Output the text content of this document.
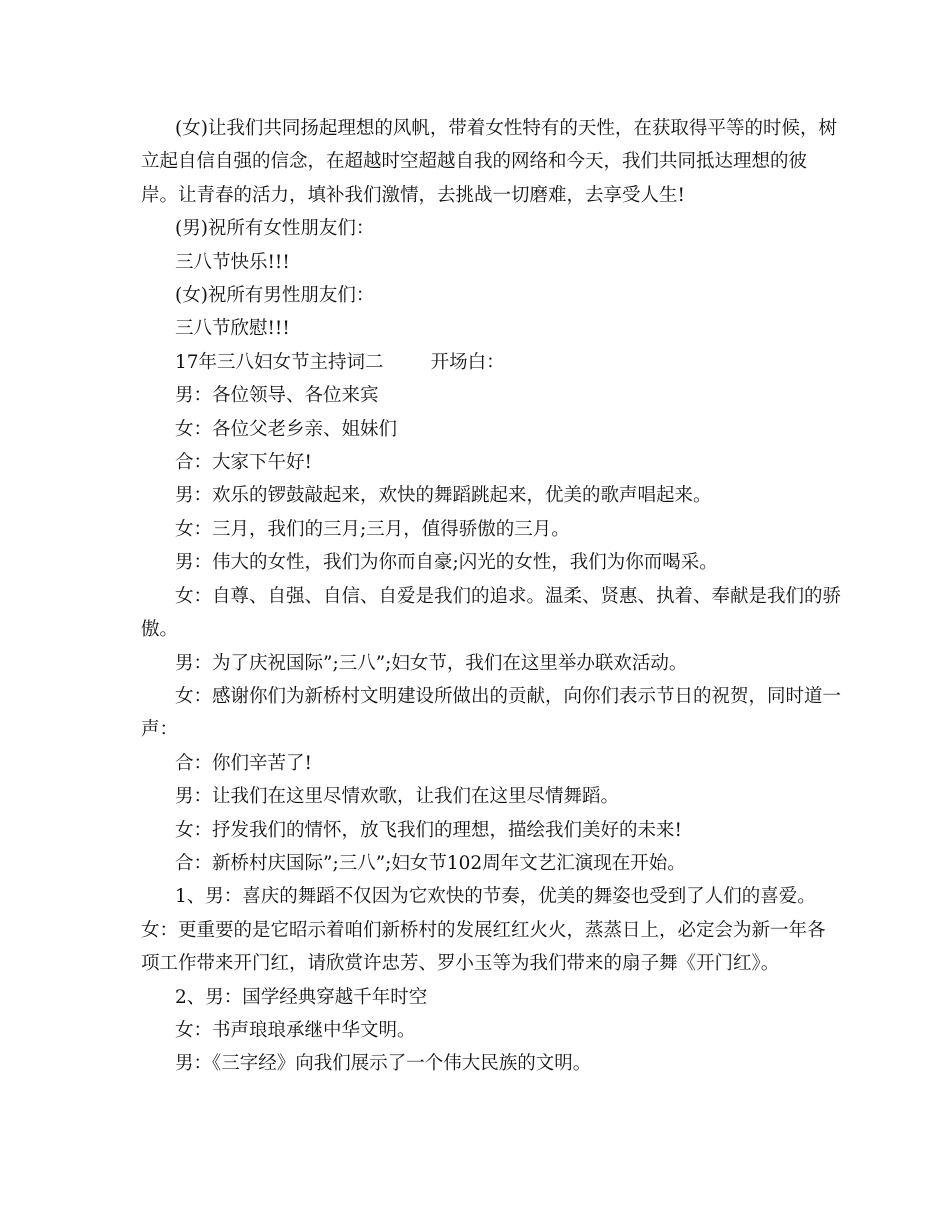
(女)让我们共同扬起理想的风帆，带着女性特有的天性，在获取得平等的时候，树立起自信自强的信念，在超越时空超越自我的网络和今天，我们共同抵达理想的彼岸。让青春的活力，填补我们激情，去挑战一切磨难，去享受人生!

(男)祝所有女性朋友们：

三八节快乐!!!

(女)祝所有男性朋友们：

三八节欣慰!!!

17年三八妇女节主持词二        开场白：

男：各位领导、各位来宾

女：各位父老乡亲、姐妹们

合：大家下午好!

男：欢乐的锣鼓敲起来，欢快的舞蹈跳起来，优美的歌声唱起来。

女：三月，我们的三月;三月，值得骄傲的三月。

男：伟大的女性，我们为你而自豪;闪光的女性，我们为你而喝采。

女：自尊、自强、自信、自爱是我们的追求。温柔、贤惠、执着、奉献是我们的骄傲。

男：为了庆祝国际”;三八”;妇女节，我们在这里举办联欢活动。

女：感谢你们为新桥村文明建设所做出的贡献，向你们表示节日的祝贺，同时道一声：

合：你们辛苦了!

男：让我们在这里尽情欢歌，让我们在这里尽情舞蹈。

女：抒发我们的情怀，放飞我们的理想，描绘我们美好的未来!

合：新桥村庆国际”;三八”;妇女节102周年文艺汇演现在开始。

1、男：喜庆的舞蹈不仅因为它欢快的节奏，优美的舞姿也受到了人们的喜爱。

女：更重要的是它昭示着咱们新桥村的发展红红火火，蒸蒸日上，必定会为新一年各项工作带来开门红，请欣赏许忠芳、罗小玉等为我们带来的扇子舞《开门红》。

2、男：国学经典穿越千年时空

女：书声琅琅承继中华文明。

男：《三字经》向我们展示了一个伟大民族的文明。
